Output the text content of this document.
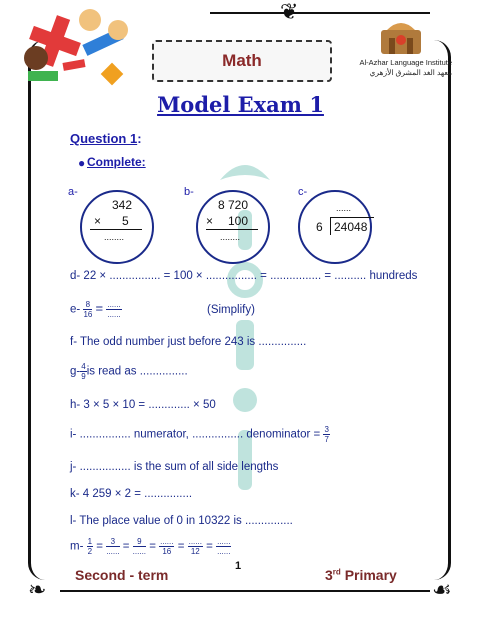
❦
❧	☙
Math	Al-Azhar Language Institute
معهد الغد المشرق الأزهري
Model Exam 1
Question 1:
● Complete:
a-
342
× 5
........
b-
8 720
× 100
........
c-
......
6 24048
d- 22 × ................ = 100 × ................ = ................ = .......... hundreds
$e- \frac{8}{16} = \frac{......}{......}$	(Simplify)
f- The odd number just before 243 is ...............
$g- \frac{4}{9}is$ read as ...............
h- 3 × 5 × 10 = ............. × 50
i- ................ numerator, ................ denominator = $\frac{3}{7}$
j- ................ is the sum of all side lengths
k- 4 259 × 2 = ...............
l- The place value of 0 in 10322 is ...............
$m- \frac{1}{2} = \frac{3}{......} = \frac{9}{......} = \frac{......}{16} = \frac{......}{12} = \frac{......}{......}$
Second - term
1
3rd Primary
